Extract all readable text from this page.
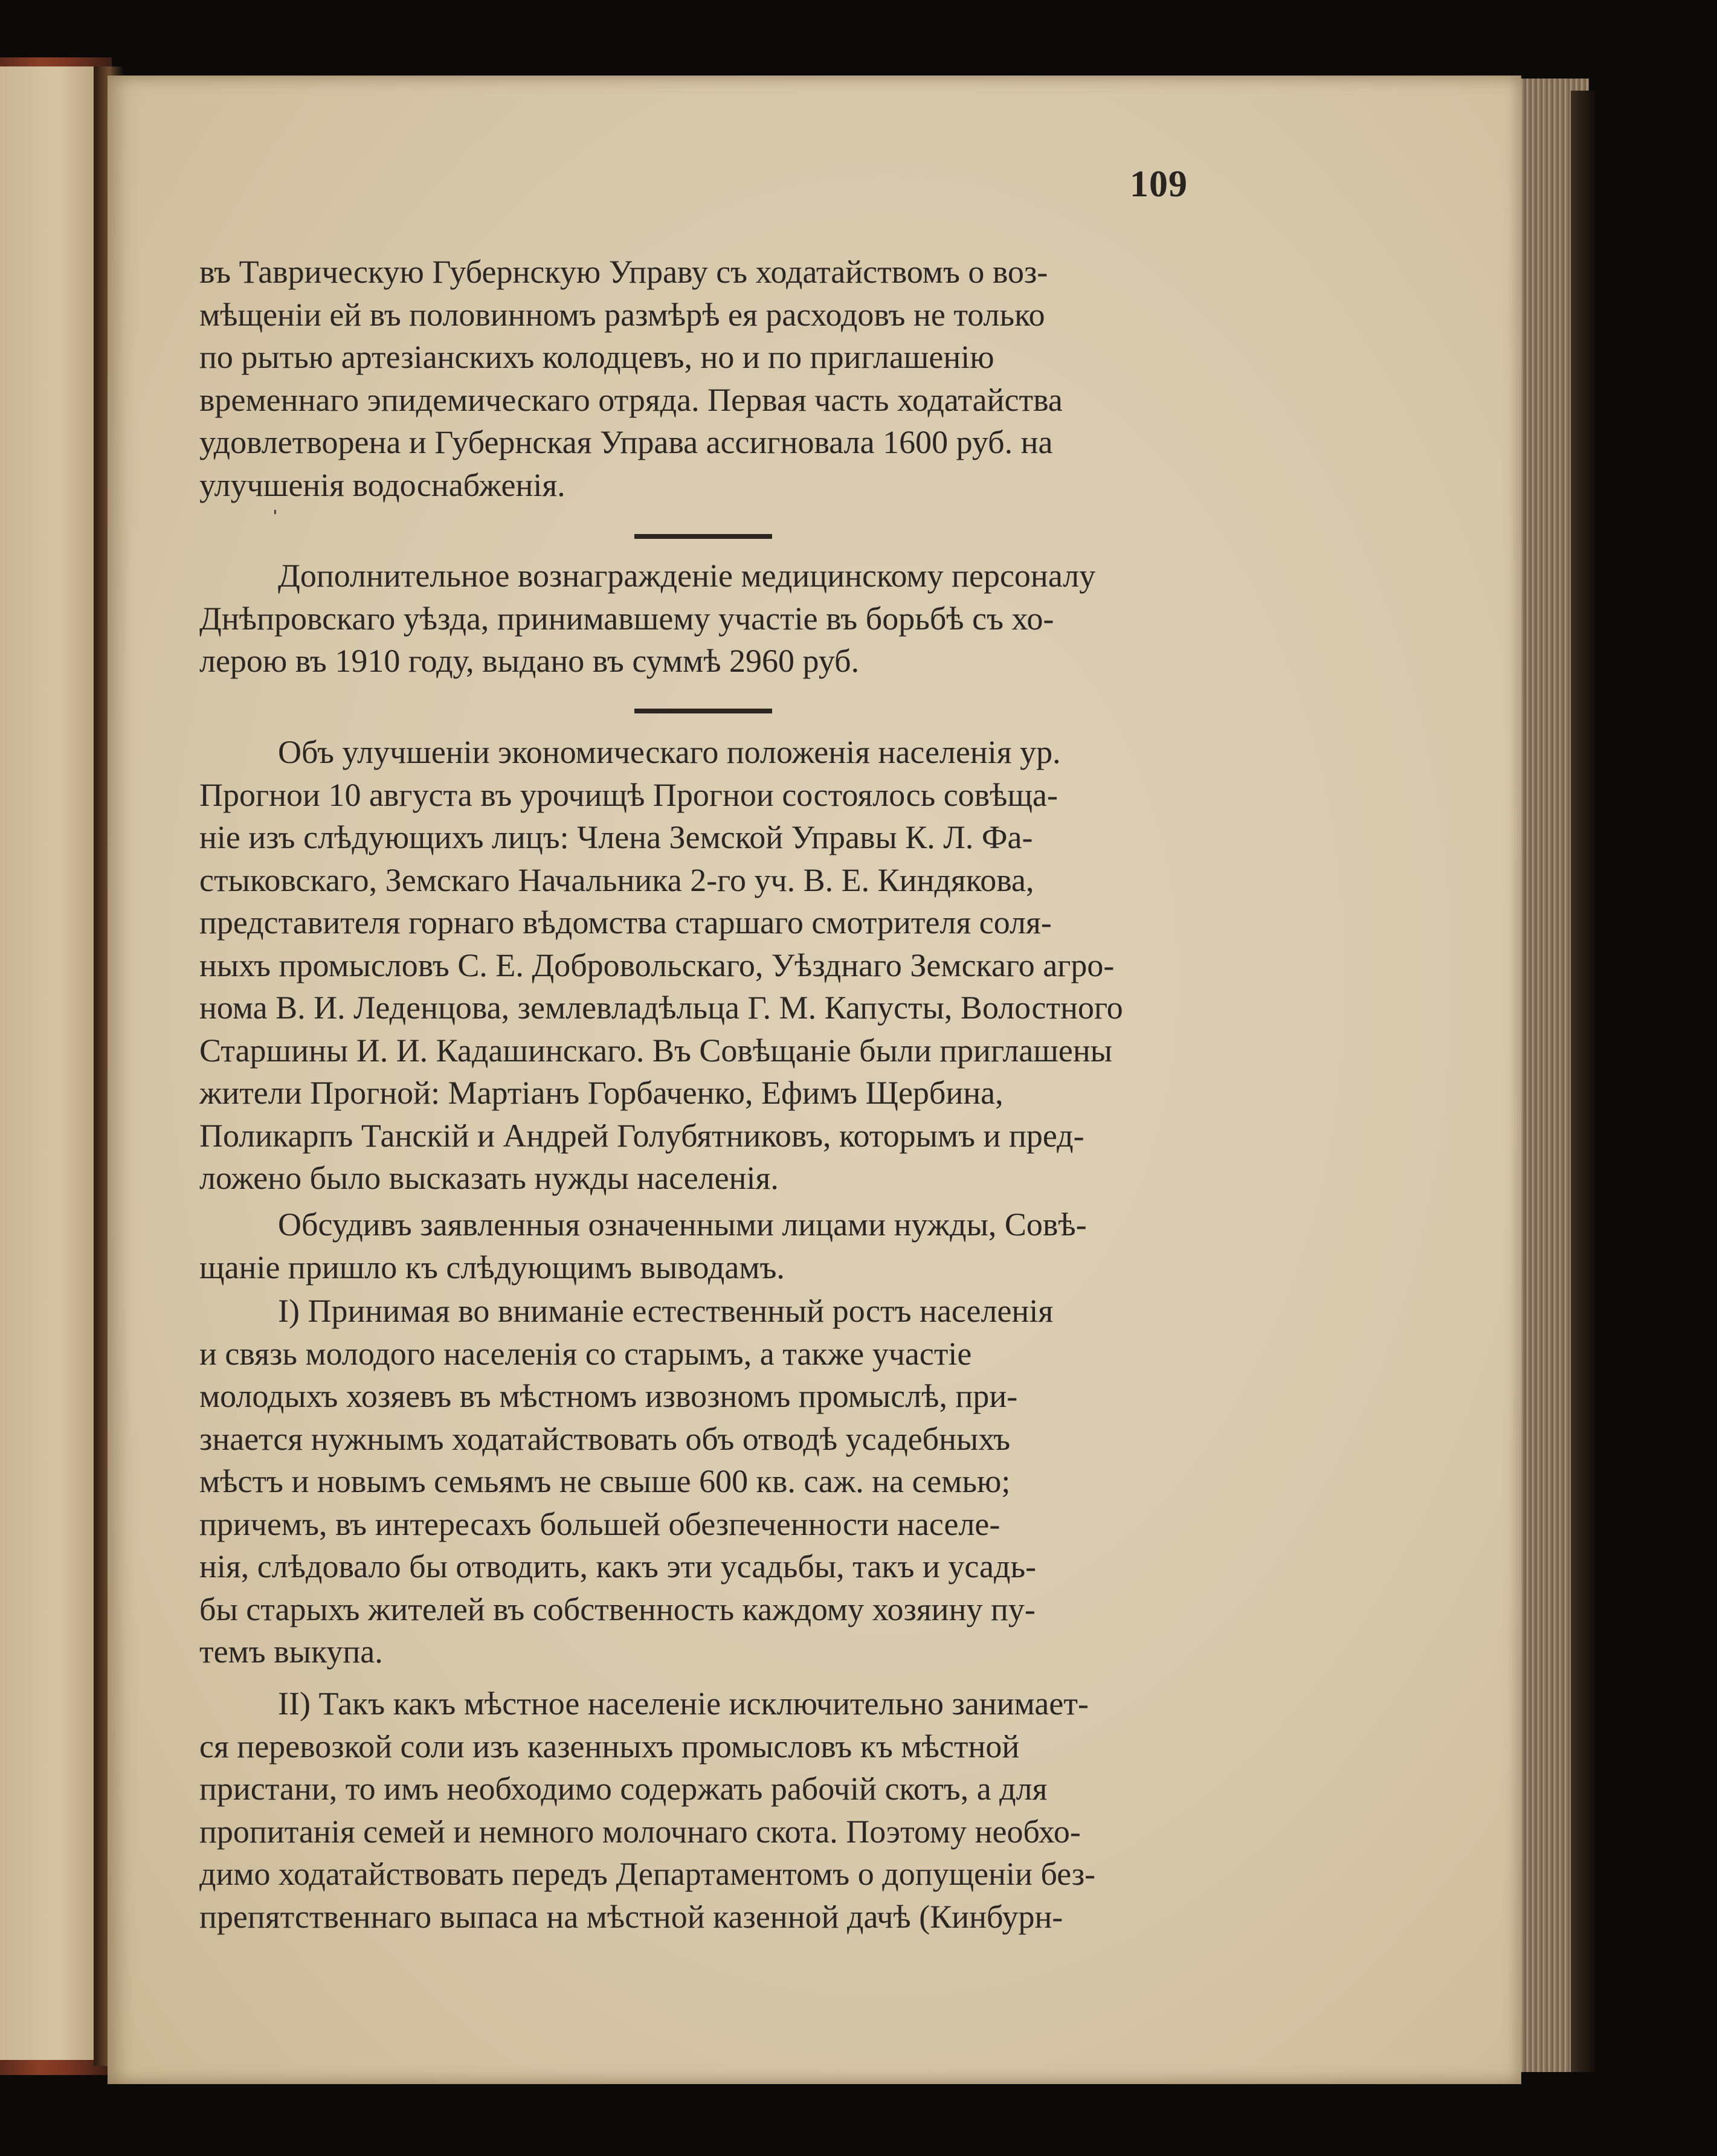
109

въ Таврическую Губернскую Управу съ ходатайствомъ о воз-

мѣщеніи ей въ половинномъ размѣрѣ ея расходовъ не только

по рытью артезіанскихъ колодцевъ, но и по приглашенію

временнаго эпидемическаго отряда. Первая часть ходатайства

удовлетворена и Губернская Управа ассигновала 1600 руб. на

улучшенія водоснабженія.

ˈ

Дополнительное вознагражденіе медицинскому персоналу

Днѣпровскаго уѣзда, принимавшему участіе въ борьбѣ съ хо-

лерою въ 1910 году, выдано въ суммѣ 2960 руб.

Объ улучшеніи экономическаго положенія населенія ур.

Прогнои 10 августа въ урочищѣ Прогнои состоялось совѣща-

ніе изъ слѣдующихъ лицъ: Члена Земской Управы К. Л. Фа-

стыковскаго, Земскаго Начальника 2-го уч. В. Е. Киндякова,

представителя горнаго вѣдомства старшаго смотрителя соля-

ныхъ промысловъ С. Е. Добровольскаго, Уѣзднаго Земскаго агро-

нома В. И. Леденцова, землевладѣльца Г. М. Капусты, Волостного

Старшины И. И. Кадашинскаго. Въ Совѣщаніе были приглашены

жители Прогной: Мартіанъ Горбаченко, Ефимъ Щербина,

Поликарпъ Танскій и Андрей Голубятниковъ, которымъ и пред-

ложено было высказать нужды населенія.

Обсудивъ заявленныя означенными лицами нужды, Совѣ-

щаніе пришло къ слѣдующимъ выводамъ.

I) Принимая во вниманіе естественный ростъ населенія

и связь молодого населенія со старымъ, а также участіе

молодыхъ хозяевъ въ мѣстномъ извозномъ промыслѣ, при-

знается нужнымъ ходатайствовать объ отводѣ усадебныхъ

мѣстъ и новымъ семьямъ не свыше 600 кв. саж. на семью;

причемъ, въ интересахъ большей обезпеченности населе-

нія, слѣдовало бы отводить, какъ эти усадьбы, такъ и усадь-

бы старыхъ жителей въ собственность каждому хозяину пу-

темъ выкупа.

II) Такъ какъ мѣстное населеніе исключительно занимает-

ся перевозкой соли изъ казенныхъ промысловъ къ мѣстной

пристани, то имъ необходимо содержать рабочій скотъ, а для

пропитанія семей и немного молочнаго скота. Поэтому необхо-

димо ходатайствовать передъ Департаментомъ о допущеніи без-

препятственнаго выпаса на мѣстной казенной дачѣ (Кинбурн-
